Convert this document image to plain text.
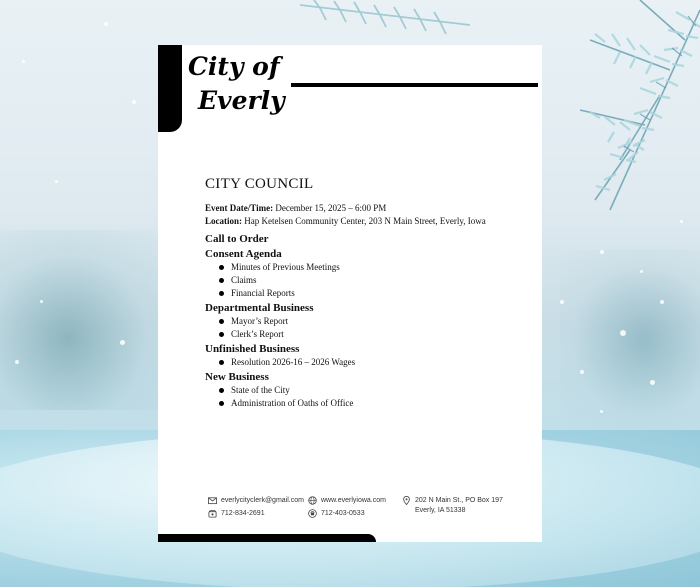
City of
Everly
CITY COUNCIL
Event Date/Time: December 15, 2025 – 6:00 PM
Location: Hap Ketelsen Community Center, 203 N Main Street, Everly, Iowa
Call to Order
Consent Agenda
Minutes of Previous Meetings
Claims
Financial Reports
Departmental Business
Mayor’s Report
Clerk’s Report
Unfinished Business
Resolution 2026-16 – 2026 Wages
New Business
State of the City
Administration of Oaths of Office
everlycityclerk@gmail.com www.everlyiowa.com	202 N Main St., PO Box 197
Everly, IA 51338
712-834-2691	712-403-0533
